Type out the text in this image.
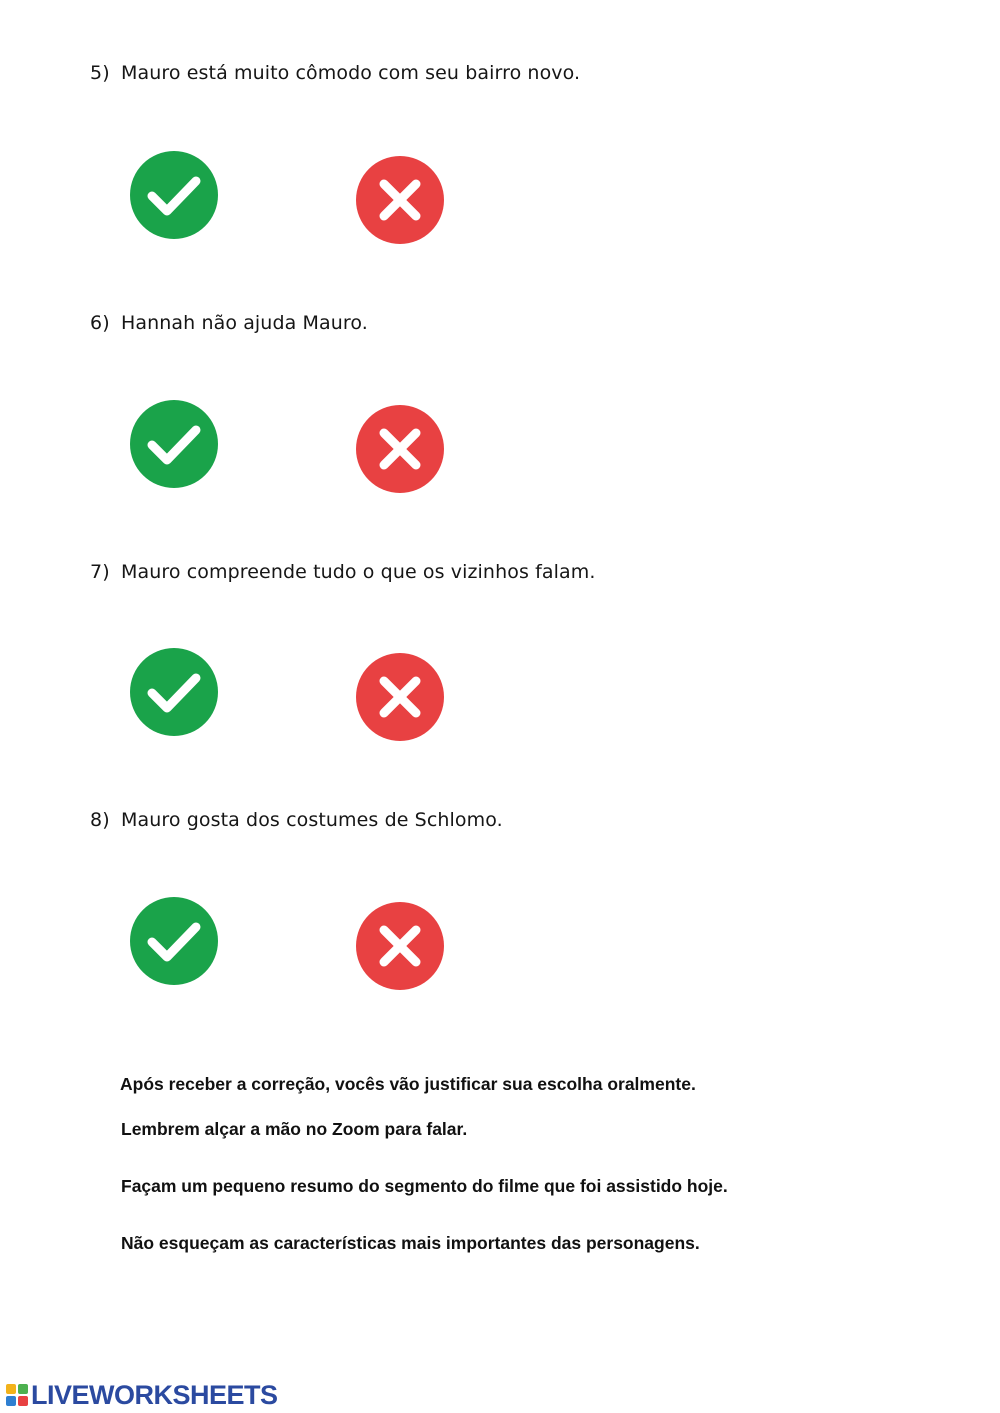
5) Mauro está muito cômodo com seu bairro novo.
6) Hannah não ajuda Mauro.
7) Mauro compreende tudo o que os vizinhos falam.
8) Mauro gosta dos costumes de Schlomo.
Após receber a correção, vocês vão justificar sua escolha oralmente.
Lembrem alçar a mão no Zoom para falar.
Façam um pequeno resumo do segmento do filme que foi assistido hoje.
Não esqueçam as características mais importantes das personagens.
LIVEWORKSHEETS
